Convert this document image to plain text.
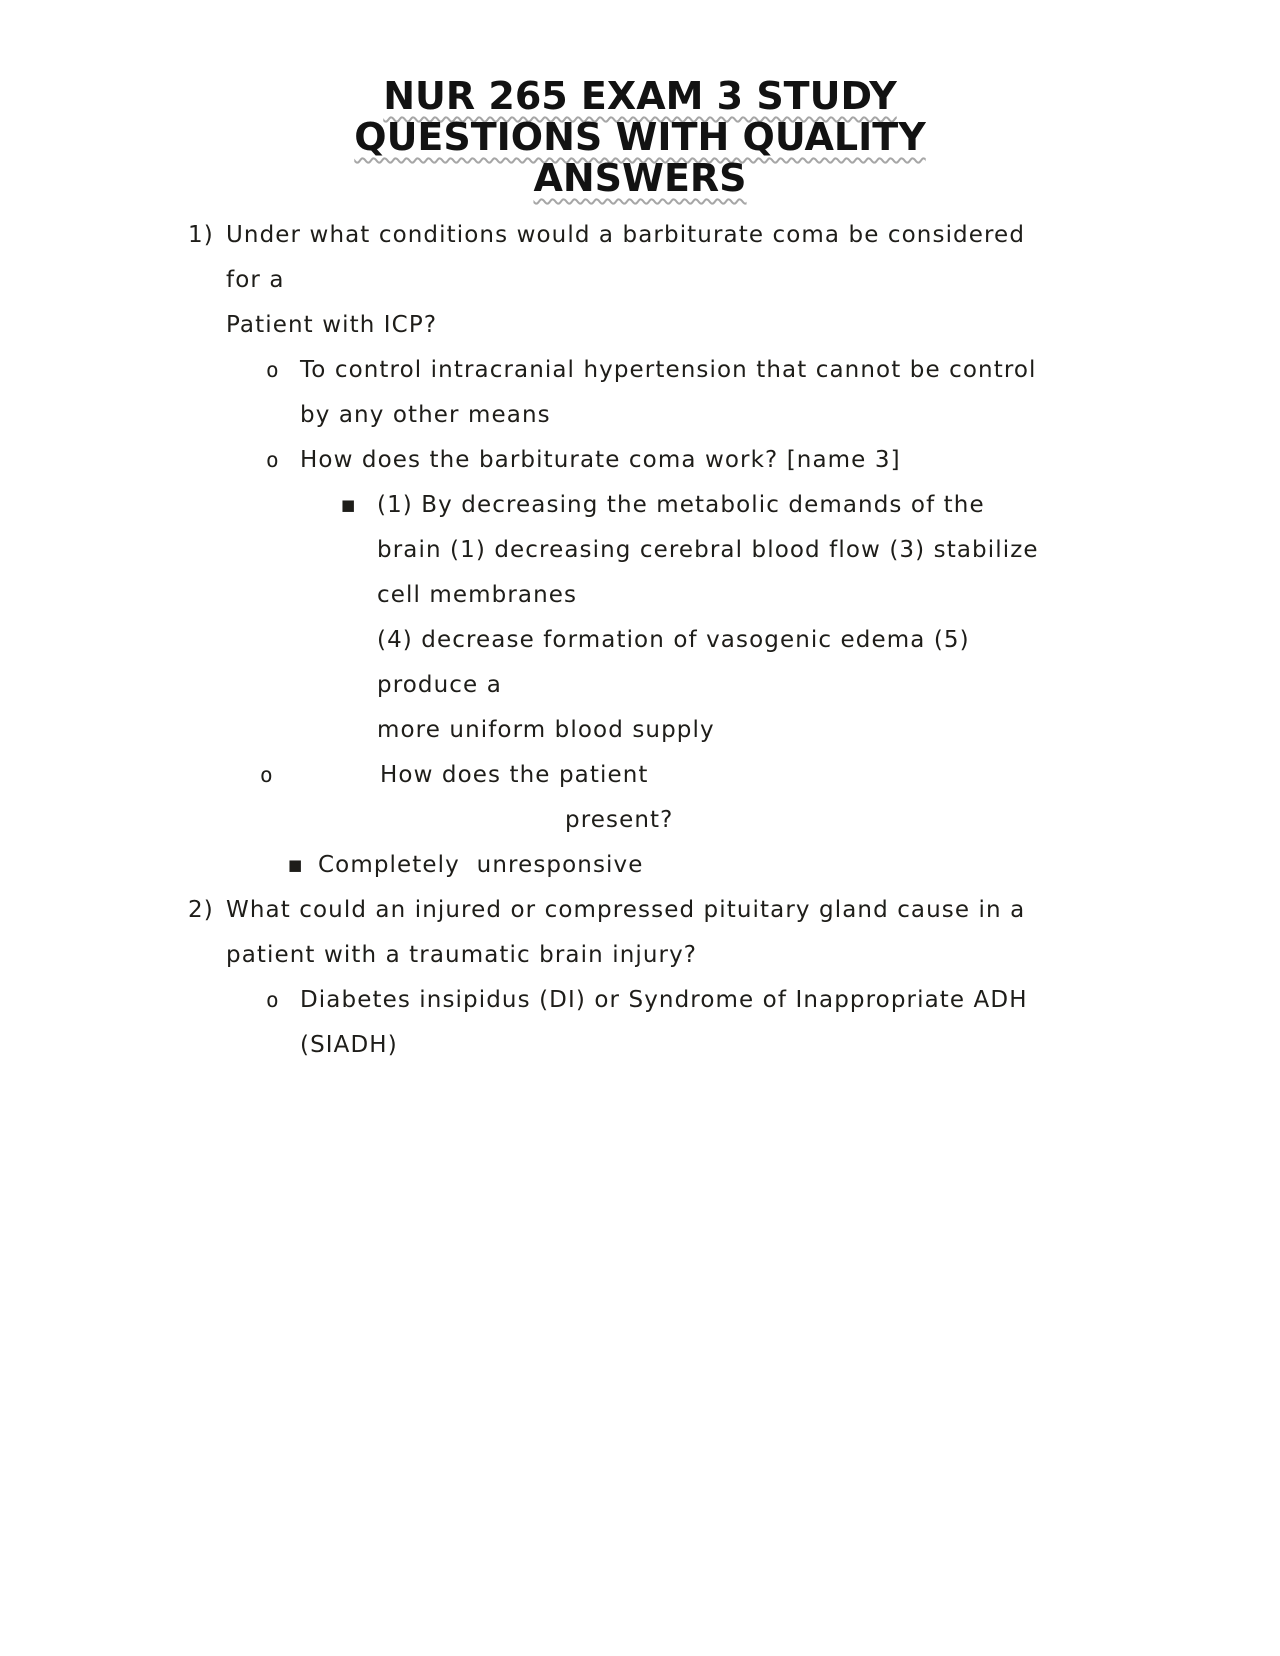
NUR 265 EXAM 3 STUDY
QUESTIONS WITH QUALITY
ANSWERS

1)

Under what conditions would a barbiturate coma be considered

for a

Patient with ICP?

o

To control intracranial hypertension that cannot be control

by any other means

o

How does the barbiturate coma work? [name 3]

■

(1) By decreasing the metabolic demands of the

brain (1) decreasing cerebral blood flow (3) stabilize

cell membranes

(4) decrease formation of vasogenic edema (5)

produce a

more uniform blood supply

o

	How does the patient

present?

■

Completely  unresponsive

2)

What could an injured or compressed pituitary gland cause in a

patient with a traumatic brain injury?

o

Diabetes insipidus (DI) or Syndrome of Inappropriate ADH

(SIADH)
